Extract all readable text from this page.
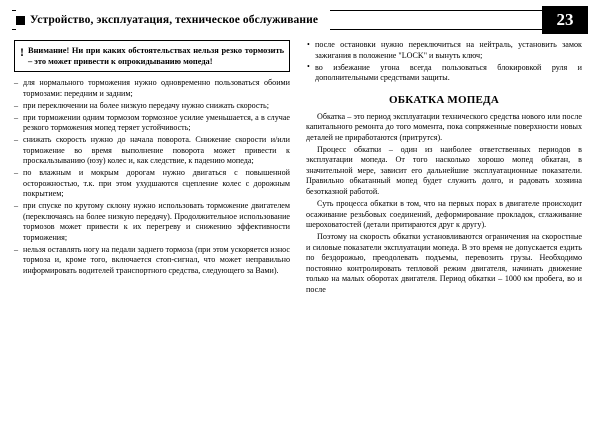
Устройство, эксплуатация, техническое обслуживание	23
! Внимание! Ни при каких обстоятельствах нельзя резко тормозить – это может привести к опрокидыванию мопеда!
– для нормального торможения нужно одновременно пользоваться обоими тормозами: передним и задним;
– при переключении на более низкую передачу нужно снижать скорость;
– при торможении одним тормозом тормозное усилие уменьшается, а в случае резкого торможения мопед теряет устойчивость;
– снижать скорость нужно до начала поворота. Снижение скорости и/или торможение во время выполнение поворота может привести к проскальзыванию (юзу) колес и, как следствие, к падению мопеда;
– по влажным и мокрым дорогам нужно двигаться с повышенной осторожностью, т.к. при этом ухудшаются сцепление колес с дорожным покрытием;
– при спуске по крутому склону нужно использовать торможение двигателем (переключаясь на более низкую передачу). Продолжительное использование тормозов может привести к их перегреву и снижению эффективности торможения;
– нельзя оставлять ногу на педали заднего тормоза (при этом ускоряется износ тормоза и, кроме того, включается стоп-сигнал, что может неправильно информировать водителей транспортного средства, следующего за Вами).
• после остановки нужно переключиться на нейтраль, установить замок зажигания в положение "LOCK" и вынуть ключ;
• во избежание угона всегда пользоваться блокировкой руля и дополнительными средствами защиты.
ОБКАТКА МОПЕДА

Обкатка – это период эксплуатации технического средства нового или после капитального ремонта до того момента, пока сопряженные поверхности новых деталей не приработаются (притрутся).

Процесс обкатки – один из наиболее ответственных периодов в эксплуатации мопеда. От того насколько хорошо мопед обкатан, в значительной мере, зависит его дальнейшие эксплуатационные показатели. Правильно обкатанный мопед будет служить долго, и радовать хозяина безотказной работой.

Суть процесса обкатки в том, что на первых порах в двигателе происходит осаживание резьбовых соединений, деформирование прокладок, сглаживание шероховатостей (детали притираются друг к другу).

Поэтому на скорость обкатки установливаются ограничения на скоростные и силовые показатели эксплуатации мопеда. В это время не допускается ездить по бездорожью, преодолевать подъемы, перевозить грузы. Необходимо постоянно контролировать тепловой режим двигателя, начинать движение только на малых оборотах двигателя. Период обкатки – 1000 км пробега, во и после
